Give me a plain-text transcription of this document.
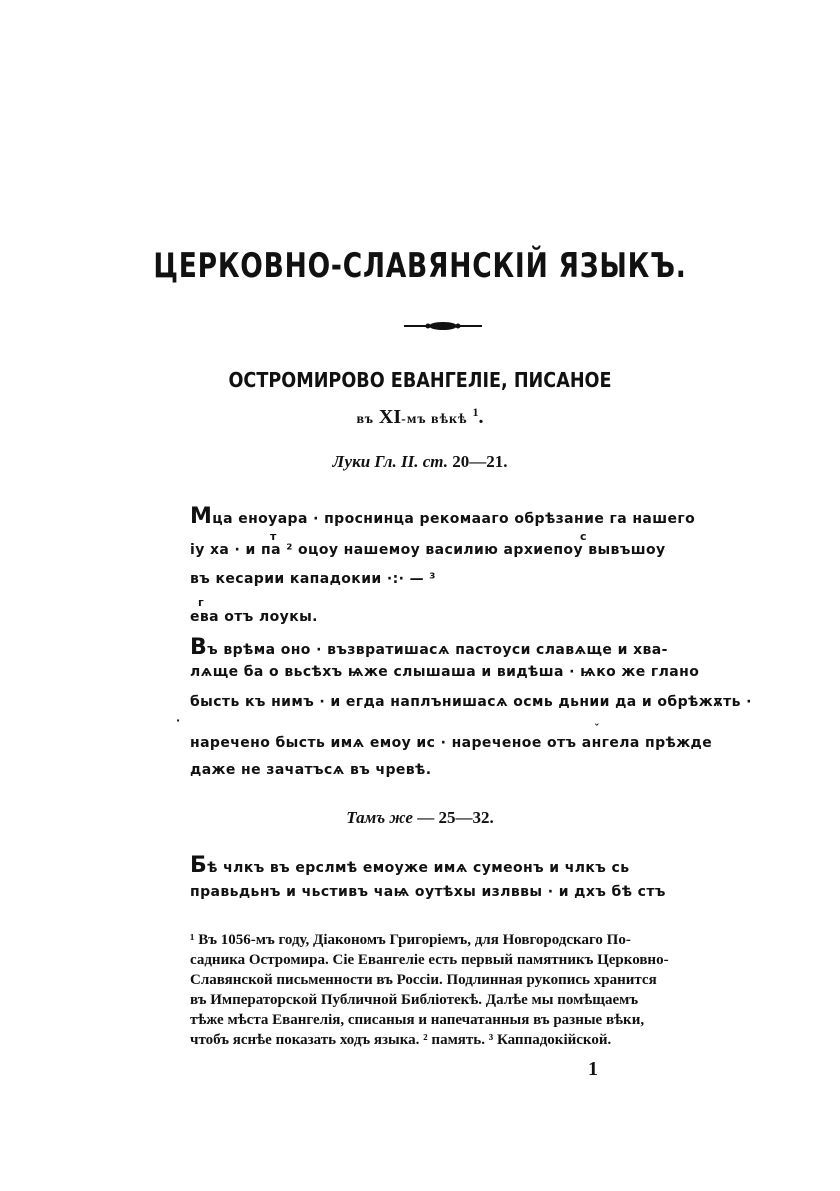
ЦЕРКОВНО-СЛАВЯНСКІЙ ЯЗЫКЪ.
ОСТРОМИРОВО ЕВАНГЕЛІЕ, ПИСАНОЕ
въ XI-мъ вѣкѣ $^1$.
Луки Гл. II. ст. 20—21.
Мца еноуара · проснинца рекомааго обрѣзание га нашего
т	с
іу ха · и па ² оцоу нашемоу василию архиепоу вывъшоу
въ кесарии кападокии ·:· — ³
г
ева отъ лоукы.
Въ врѣма оно · възвратишасѧ пастоуси славѧще и хва-
лѧще ба о вьсѣхъ ѩже слышаша и видѣша · ѩко же глано
бысть къ нимъ · и егда наплънишасѧ осмь дьнии да и обрѣжѫть ·
·
ˇ
наречено бысть имѧ емоу ис · нареченое отъ ангела прѣжде
даже не зачатъсѧ въ чревѣ.
Тамъ же — 25—32.
Бѣ члкъ въ ерслмѣ емоуже имѧ сумеонъ и члкъ сь
правьдьнъ и чьстивъ чаѩ оутѣхы излввы · и дхъ бѣ стъ
¹ Въ 1056-мъ году, Діакономъ Григоріемъ, для Новгородскаго По-
садника Остромира. Сіе Евангеліе есть первый памятникъ Церковно-
Славянской письменности въ Россіи. Подлинная рукопись хранится
въ Императорской Публичной Библіотекѣ. Далѣе мы помѣщаемъ
тѣже мѣста Евангелія, списаныя и напечатанныя въ разные вѣки,
чтобъ яснѣе показать ходъ языка. ² память. ³ Каппадокійской.
1
